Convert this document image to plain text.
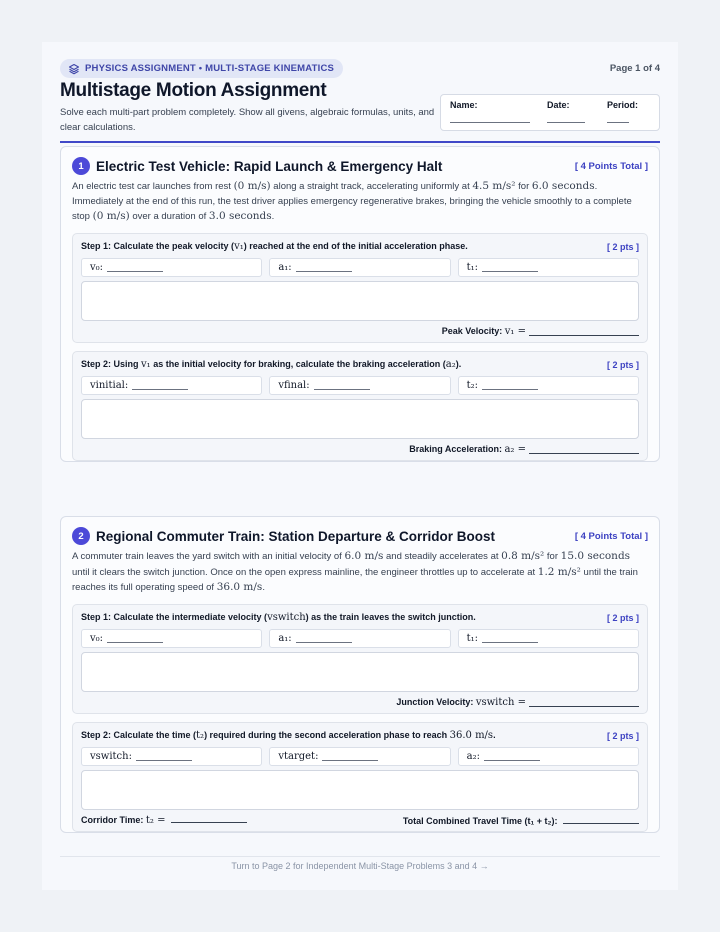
PHYSICS ASSIGNMENT • MULTI-STAGE KINEMATICS	Page 1 of 4
Multistage Motion Assignment
Solve each multi-part problem completely. Show all givens, algebraic formulas, units, and clear calculations.
Name:	Date:	Period:
1 Electric Test Vehicle: Rapid Launch & Emergency Halt	[ 4 Points Total ]
An electric test car launches from rest (0 m/s) along a straight track, accelerating uniformly at 4.5 m/s² for 6.0 seconds. Immediately at the end of this run, the test driver applies emergency regenerative brakes, bringing the vehicle smoothly to a complete stop (0 m/s) over a duration of 3.0 seconds.
Step 1: Calculate the peak velocity (v₁) reached at the end of the initial acceleration phase.	[ 2 pts ]
v₀:	a₁:	t₁:
Peak Velocity:
v₁ =
Step 2: Using v₁ as the initial velocity for braking, calculate the braking acceleration (a₂).	[ 2 pts ]
vinitial:	vfinal:	t₂:
Braking Acceleration:
a₂ =
2 Regional Commuter Train: Station Departure & Corridor Boost	[ 4 Points Total ]
A commuter train leaves the yard switch with an initial velocity of 6.0 m/s and steadily accelerates at 0.8 m/s² for 15.0 seconds until it clears the switch junction. Once on the open express mainline, the engineer throttles up to accelerate at 1.2 m/s² until the train reaches its full operating speed of 36.0 m/s.
Step 1: Calculate the intermediate velocity (vswitch) as the train leaves the switch junction.	[ 2 pts ]
v₀:	a₁:	t₁:
Junction Velocity:
vswitch =
Step 2: Calculate the time (t₂) required during the second acceleration phase to reach 36.0 m/s.	[ 2 pts ]
vswitch:	vtarget:	a₂:
Corridor Time: t₂ =	Total Combined Travel Time (t₁ + t₂):
Turn to Page 2 for Independent Multi-Stage Problems 3 and 4 →
